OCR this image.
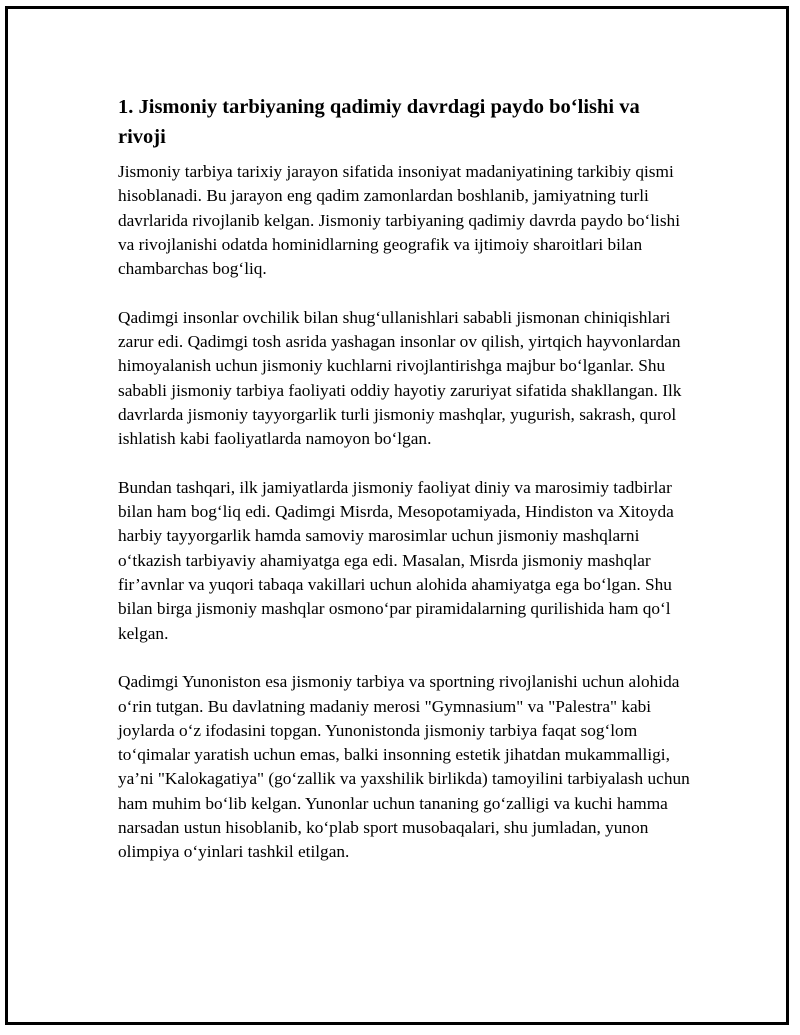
1. Jismoniy tarbiyaning qadimiy davrdagi paydo bo‘lishi va rivoji

Jismoniy tarbiya tarixiy jarayon sifatida insoniyat madaniyatining tarkibiy qismi hisoblanadi. Bu jarayon eng qadim zamonlardan boshlanib, jamiyatning turli davrlarida rivojlanib kelgan. Jismoniy tarbiyaning qadimiy davrda paydo bo‘lishi va rivojlanishi odatda hominidlarning geografik va ijtimoiy sharoitlari bilan chambarchas bog‘liq.

Qadimgi insonlar ovchilik bilan shug‘ullanishlari sababli jismonan chiniqishlari zarur edi. Qadimgi tosh asrida yashagan insonlar ov qilish, yirtqich hayvonlardan himoyalanish uchun jismoniy kuchlarni rivojlantirishga majbur bo‘lganlar. Shu sababli jismoniy tarbiya faoliyati oddiy hayotiy zaruriyat sifatida shakllangan. Ilk davrlarda jismoniy tayyorgarlik turli jismoniy mashqlar, yugurish, sakrash, qurol ishlatish kabi faoliyatlarda namoyon bo‘lgan.

Bundan tashqari, ilk jamiyatlarda jismoniy faoliyat diniy va marosimiy tadbirlar bilan ham bog‘liq edi. Qadimgi Misrda, Mesopotamiyada, Hindiston va Xitoyda harbiy tayyorgarlik hamda samoviy marosimlar uchun jismoniy mashqlarni o‘tkazish tarbiyaviy ahamiyatga ega edi. Masalan, Misrda jismoniy mashqlar fir’avnlar va yuqori tabaqa vakillari uchun alohida ahamiyatga ega bo‘lgan. Shu bilan birga jismoniy mashqlar osmono‘par piramidalarning qurilishida ham qo‘l kelgan.

Qadimgi Yunoniston esa jismoniy tarbiya va sportning rivojlanishi uchun alohida o‘rin tutgan. Bu davlatning madaniy merosi "Gymnasium" va "Palestra" kabi joylarda o‘z ifodasini topgan. Yunonistonda jismoniy tarbiya faqat sog‘lom to‘qimalar yaratish uchun emas, balki insonning estetik jihatdan mukammalligi, ya’ni "Kalokagatiya" (go‘zallik va yaxshilik birlikda) tamoyilini tarbiyalash uchun ham muhim bo‘lib kelgan. Yunonlar uchun tananing go‘zalligi va kuchi hamma narsadan ustun hisoblanib, ko‘plab sport musobaqalari, shu jumladan, yunon olimpiya o‘yinlari tashkil etilgan.
